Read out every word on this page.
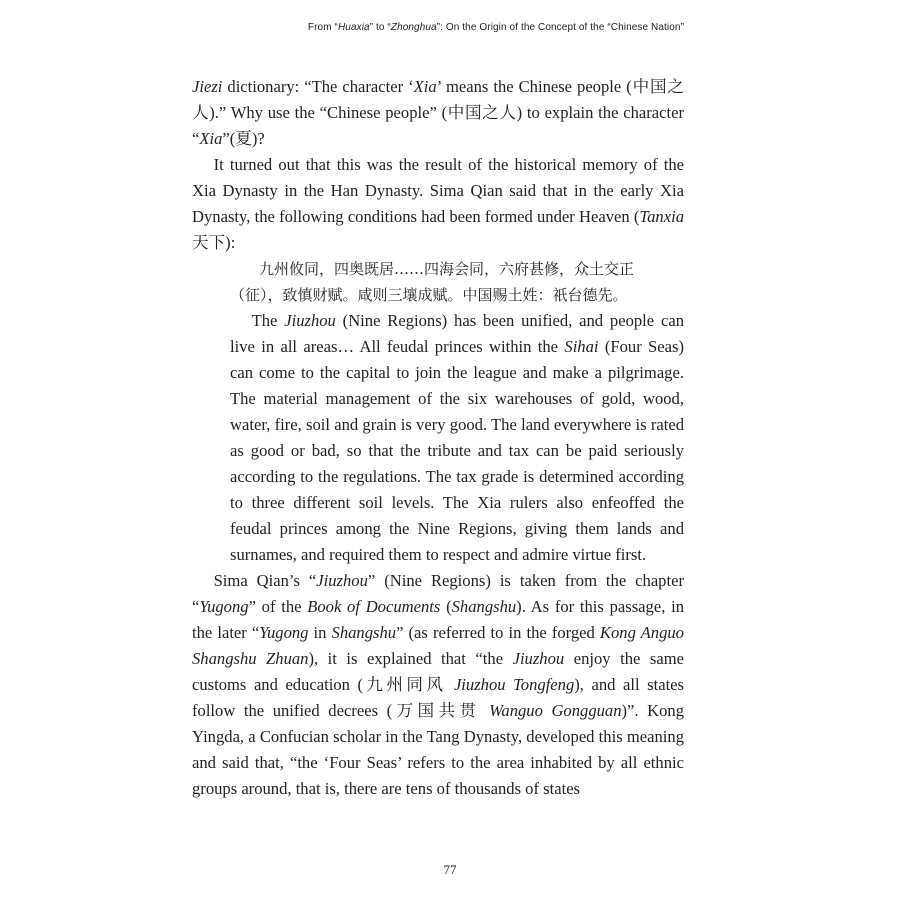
From “Huaxia” to “Zhonghua”: On the Origin of the Concept of the “Chinese Nation”

Jiezi dictionary: “The character ‘Xia’ means the Chinese people (中国之人).” Why use the “Chinese people” (中国之人) to explain the character “Xia”(夏)?

It turned out that this was the result of the historical memory of the Xia Dynasty in the Han Dynasty. Sima Qian said that in the early Xia Dynasty, the following conditions had been formed under Heaven (Tanxia 天下):

九州攸同，四奥既居……四海会同，六府甚修，众土交正

（征），致慎财赋。咸则三壤成赋。中国赐土姓：祇台德先。

The Jiuzhou (Nine Regions) has been unified, and people can live in all areas… All feudal princes within the Sihai (Four Seas) can come to the capital to join the league and make a pilgrimage. The material management of the six warehouses of gold, wood, water, fire, soil and grain is very good. The land everywhere is rated as good or bad, so that the tribute and tax can be paid seriously according to the regulations. The tax grade is determined according to three different soil levels. The Xia rulers also enfeoffed the feudal princes among the Nine Regions, giving them lands and surnames, and required them to respect and admire virtue first.

Sima Qian’s “Jiuzhou” (Nine Regions) is taken from the chapter “Yugong” of the Book of Documents (Shangshu). As for this passage, in the later “Yugong in Shangshu” (as referred to in the forged Kong Anguo Shangshu Zhuan), it is explained that “the Jiuzhou enjoy the same customs and education (九州同风 Jiuzhou Tongfeng), and all states follow the unified decrees (万国共贯 Wanguo Gongguan)”. Kong Yingda, a Confucian scholar in the Tang Dynasty, developed this meaning and said that, “the ‘Four Seas’ refers to the area inhabited by all ethnic groups around, that is, there are tens of thousands of states

77
